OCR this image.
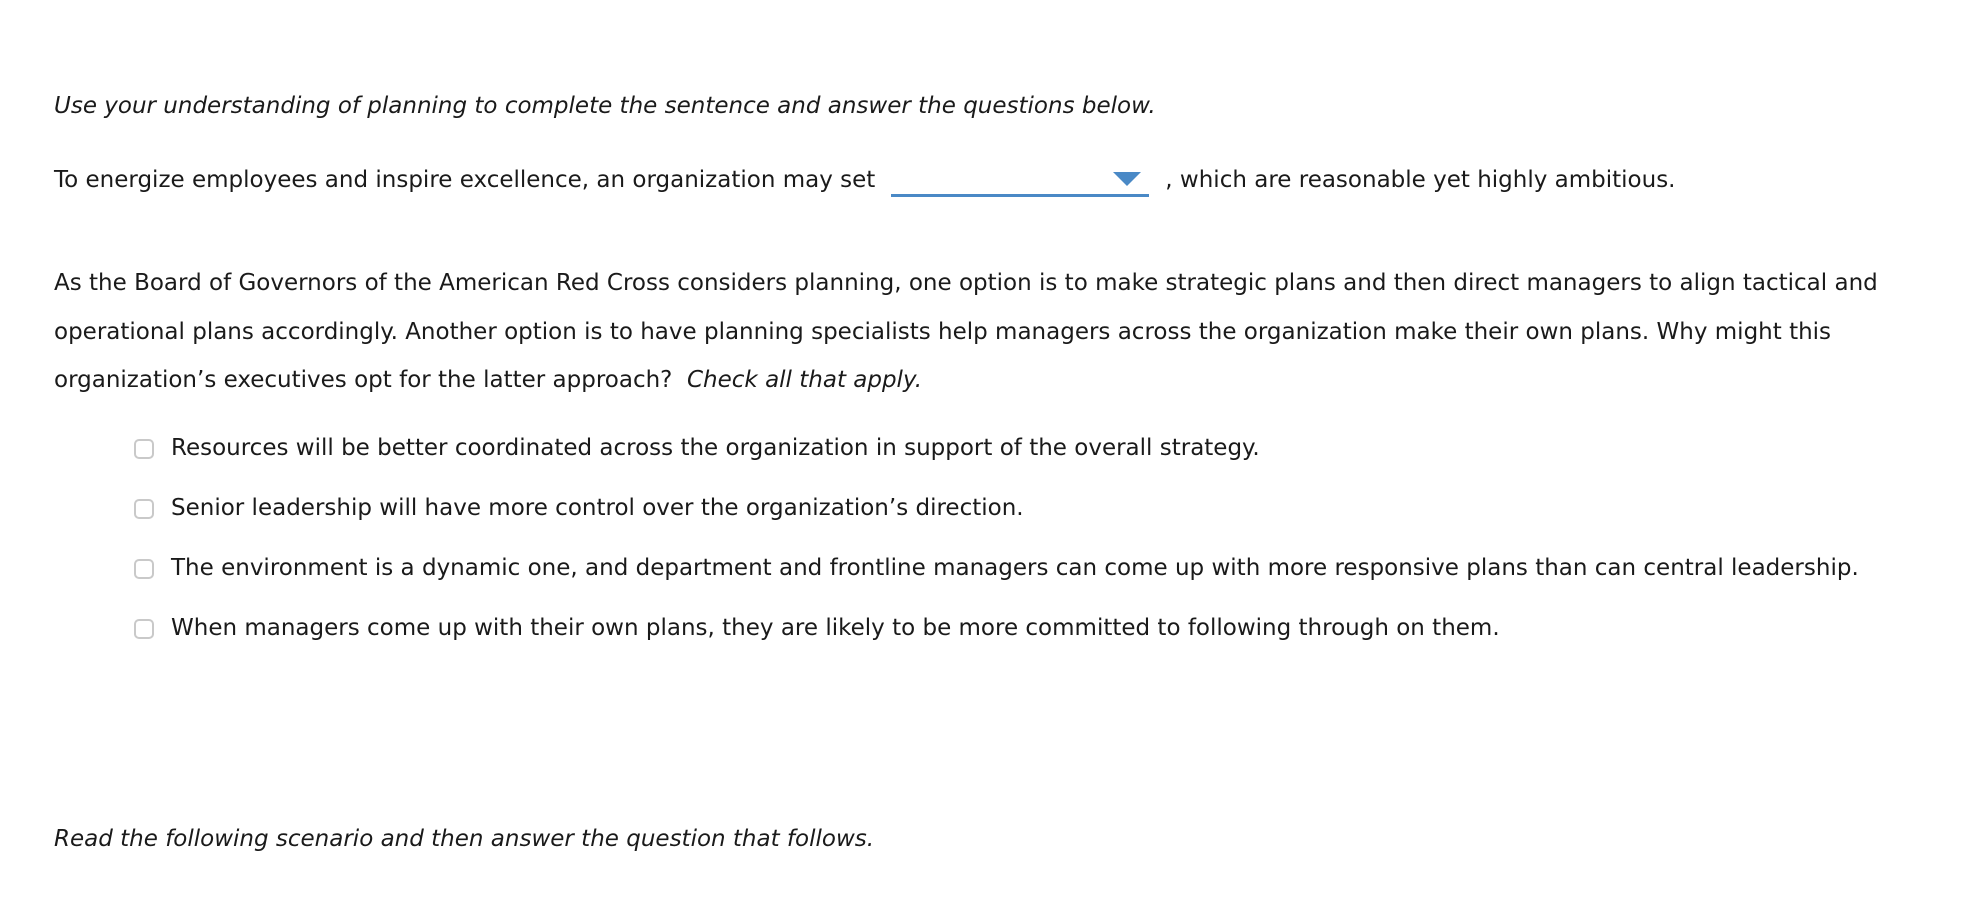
Use your understanding of planning to complete the sentence and answer the questions below.
To energize employees and inspire excellence, an organization may set	, which are reasonable yet highly ambitious.
As the Board of Governors of the American Red Cross considers planning, one option is to make strategic plans and then direct managers to align tactical and operational plans accordingly. Another option is to have planning specialists help managers across the organization make their own plans. Why might this organization’s executives opt for the latter approach? Check all that apply.
Resources will be better coordinated across the organization in support of the overall strategy.
Senior leadership will have more control over the organization’s direction.
The environment is a dynamic one, and department and frontline managers can come up with more responsive plans than can central leadership.
When managers come up with their own plans, they are likely to be more committed to following through on them.
Read the following scenario and then answer the question that follows.
